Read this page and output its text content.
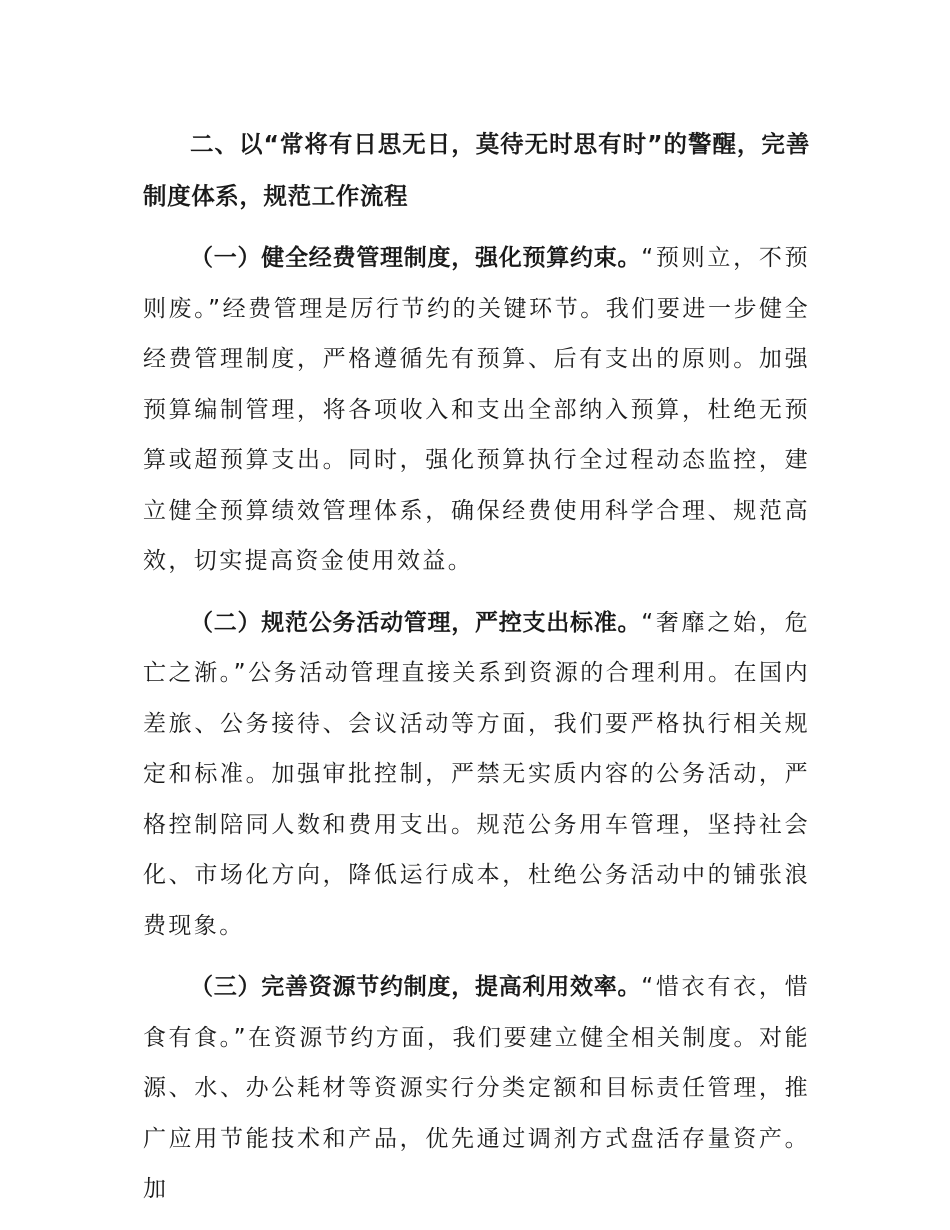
二、以“常将有日思无日，莫待无时思有时”的警醒，完善制度体系，规范工作流程

（一）健全经费管理制度，强化预算约束。“预则立，不预则废。”经费管理是厉行节约的关键环节。我们要进一步健全经费管理制度，严格遵循先有预算、后有支出的原则。加强预算编制管理，将各项收入和支出全部纳入预算，杜绝无预算或超预算支出。同时，强化预算执行全过程动态监控，建立健全预算绩效管理体系，确保经费使用科学合理、规范高效，切实提高资金使用效益。

（二）规范公务活动管理，严控支出标准。“奢靡之始，危亡之渐。”公务活动管理直接关系到资源的合理利用。在国内差旅、公务接待、会议活动等方面，我们要严格执行相关规定和标准。加强审批控制，严禁无实质内容的公务活动，严格控制陪同人数和费用支出。规范公务用车管理，坚持社会化、市场化方向，降低运行成本，杜绝公务活动中的铺张浪费现象。

（三）完善资源节约制度，提高利用效率。“惜衣有衣，惜食有食。”在资源节约方面，我们要建立健全相关制度。对能源、水、办公耗材等资源实行分类定额和目标责任管理，推广应用节能技术和产品，优先通过调剂方式盘活存量资产。加
